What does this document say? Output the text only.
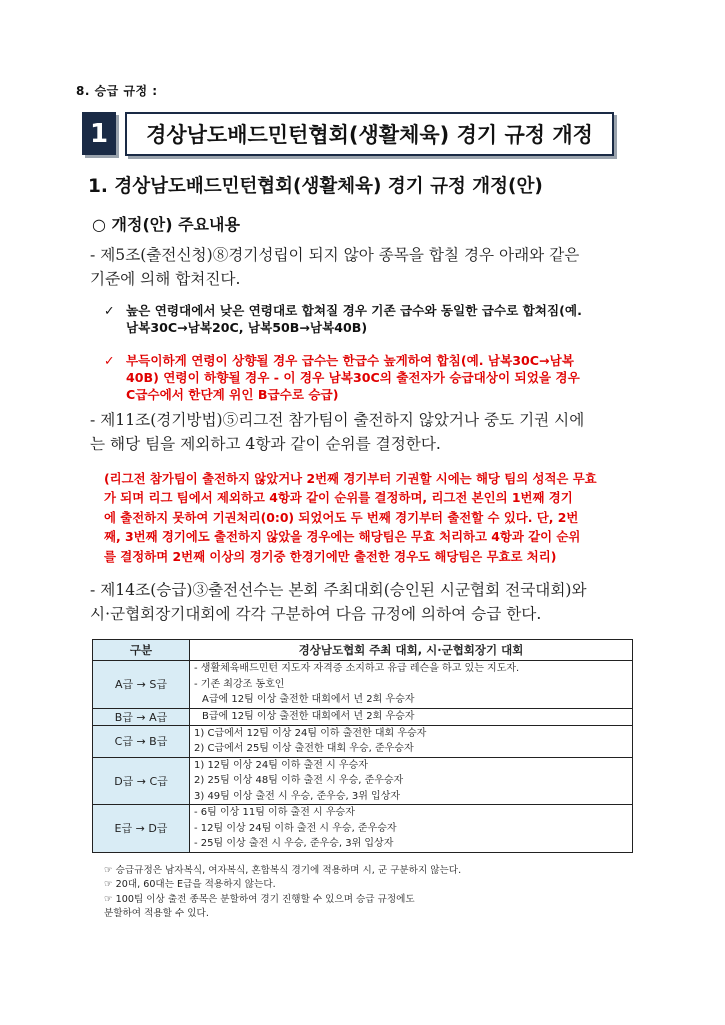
8. 승급 규정 :
1	경상남도배드민턴협회(생활체육) 경기 규정 개정
1. 경상남도배드민턴협회(생활체육) 경기 규정 개정(안)
○ 개정(안) 주요내용
- 제5조(출전신청)⑧경기성립이 되지 않아 종목을 합칠 경우 아래와 같은
기준에 의해 합쳐진다.
✓ 높은 연령대에서 낮은 연령대로 합쳐질 경우 기존 급수와 동일한 급수로 합쳐짐(예.
남복30C→남복20C, 남복50B→남복40B)
✓ 부득이하게 연령이 상향될 경우 급수는 한급수 높게하여 합침(예. 남복30C→남복
40B) 연령이 하향될 경우 - 이 경우 남복30C의 출전자가 승급대상이 되었을 경우
C급수에서 한단계 위인 B급수로 승급)
- 제11조(경기방법)⑤리그전 참가팀이 출전하지 않았거나 중도 기권 시에
는 해당 팀을 제외하고 4항과 같이 순위를 결정한다.
(리그전 참가팀이 출전하지 않았거나 2번째 경기부터 기권할 시에는 해당 팀의 성적은 무효
가 되며 리그 팀에서 제외하고 4항과 같이 순위를 결정하며, 리그전 본인의 1번째 경기
에 출전하지 못하여 기권처리(0:0) 되었어도 두 번째 경기부터 출전할 수 있다. 단, 2번
째, 3번째 경기에도 출전하지 않았을 경우에는 해당팀은 무효 처리하고 4항과 같이 순위
를 결정하며 2번째 이상의 경기중 한경기에만 출전한 경우도 해당팀은 무효로 처리)
- 제14조(승급)③출전선수는 본회 주최대회(승인된 시군협회 전국대회)와
시·군협회장기대회에 각각 구분하여 다음 규정에 의하여 승급 한다.
구분	경상남도협회 주최 대회, 시·군협회장기 대회
A급 → S급	- 생활체육배드민턴 지도자 자격증 소지하고 유급 레슨을 하고 있는 지도자.
- 기존 최강조 동호인
A급에 12팀 이상 출전한 대회에서 년 2회 우승자

B급 → A급	B급에 12팀 이상 출전한 대회에서 년 2회 우승자

C급 → B급	1) C급에서 12팀 이상 24팀 이하 출전한 대회 우승자
2) C급에서 25팀 이상 출전한 대회 우승, 준우승자

D급 → C급	1) 12팀 이상 24팀 이하 출전 시 우승자
2) 25팀 이상 48팀 이하 출전 시 우승, 준우승자
3) 49팀 이상 출전 시 우승, 준우승, 3위 입상자

E급 → D급	- 6팀 이상 11팀 이하 출전 시 우승자
- 12팀 이상 24팀 이하 출전 시 우승, 준우승자
- 25팀 이상 출전 시 우승, 준우승, 3위 입상자
☞ 승급규정은 남자복식, 여자복식, 혼합복식 경기에 적용하며 시, 군 구분하지 않는다.
☞ 20대, 60대는 E급을 적용하지 않는다.
☞ 100팀 이상 출전 종목은 분할하여 경기 진행할 수 있으며 승급 규정에도
분할하여 적용할 수 있다.
